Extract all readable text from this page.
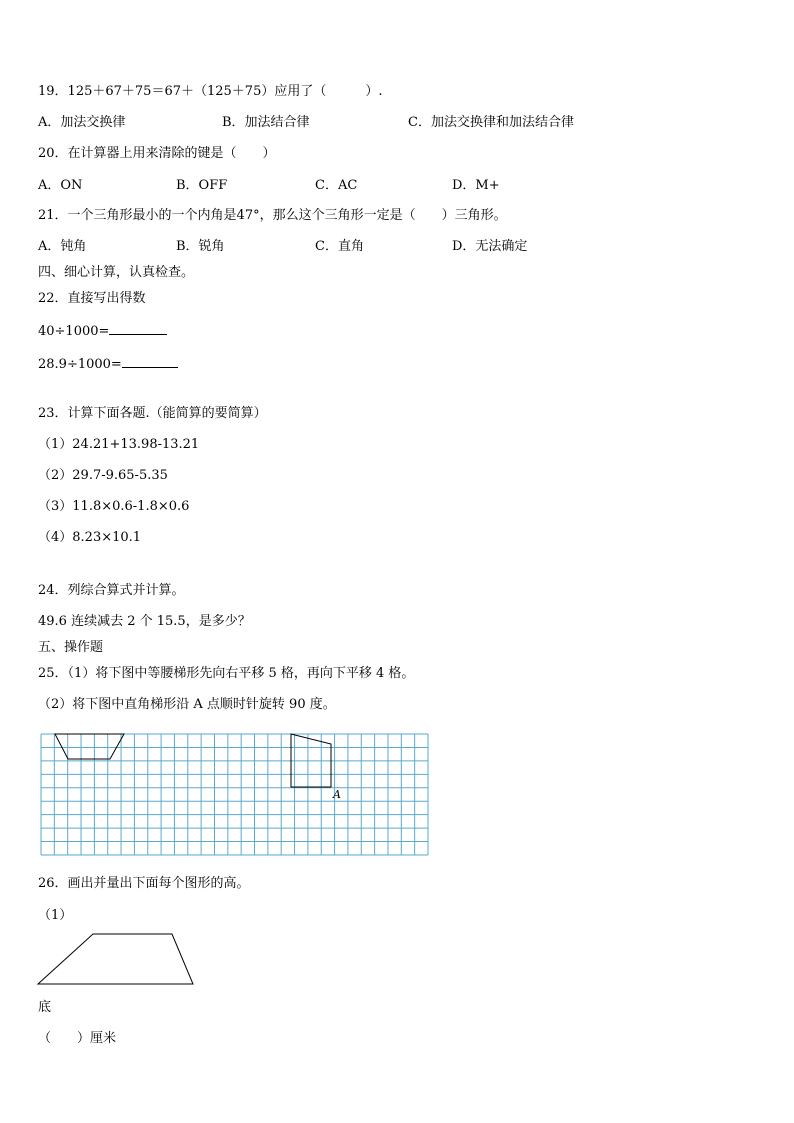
19．125＋67＋75＝67＋（125＋75）应用了（　　　）.
A．加法交换律	B．加法结合律	C．加法交换律和加法结合律
20．在计算器上用来清除的键是（　　）
A．ON	B．OFF	C．AC	D．M+
21．一个三角形最小的一个内角是47°，那么这个三角形一定是（　　）三角形。
A．钝角	B．锐角	C．直角	D．无法确定
四、细心计算，认真检查。
22．直接写出得数
40÷1000=
28.9÷1000=
23．计算下面各题.（能简算的要简算）
（1）24.21+13.98-13.21
（2）29.7-9.65-5.35
（3）11.8×0.6-1.8×0.6
（4）8.23×10.1
24．列综合算式并计算。
49.6 连续减去 2 个 15.5，是多少？
五、操作题
25．（1）将下图中等腰梯形先向右平移 5 格，再向下平移 4 格。
（2）将下图中直角梯形沿 A 点顺时针旋转 90 度。
A
26．画出并量出下面每个图形的高。
（1）
底
（　　）厘米
